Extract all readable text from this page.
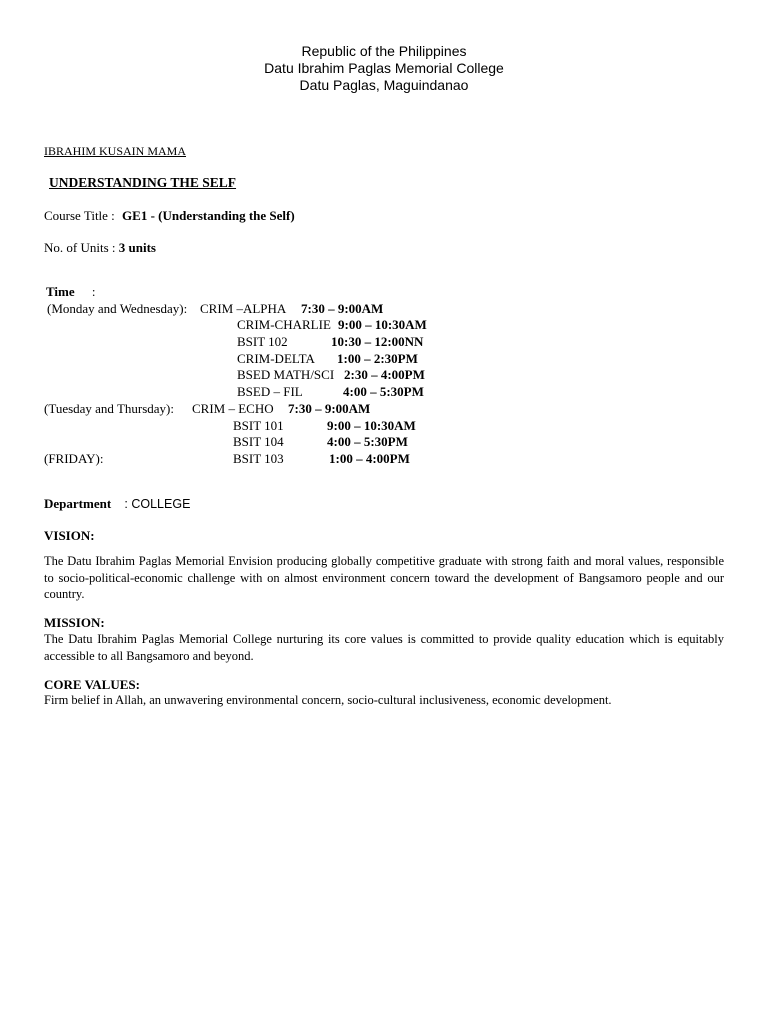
Republic of the Philippines
Datu Ibrahim Paglas Memorial College
Datu Paglas, Maguindanao
IBRAHIM KUSAIN MAMA
UNDERSTANDING THE SELF
Course Title : GE1 - (Understanding the Self)
No. of Units : 3 units
Time :
(Monday and Wednesday): CRIM –ALPHA 7:30 – 9:00AM
CRIM-CHARLIE 9:00 – 10:30AM
BSIT 102	10:30 – 12:00NN
CRIM-DELTA 1:00 – 2:30PM
BSED MATH/SCI 2:30 – 4:00PM
BSED – FIL	4:00 – 5:30PM
(Tuesday and Thursday): CRIM – ECHO 7:30 – 9:00AM
BSIT 101	9:00 – 10:30AM
BSIT 104	4:00 – 5:30PM
(FRIDAY):	BSIT 103	1:00 – 4:00PM
Department : COLLEGE
VISION:
The Datu Ibrahim Paglas Memorial Envision producing globally competitive graduate with strong faith and moral values, responsible to socio-political-economic challenge with on almost environment concern toward the development of Bangsamoro people and our country.
MISSION:
The Datu Ibrahim Paglas Memorial College nurturing its core values is committed to provide quality education which is equitably accessible to all Bangsamoro and beyond.
CORE VALUES:
Firm belief in Allah, an unwavering environmental concern, socio-cultural inclusiveness, economic development.
